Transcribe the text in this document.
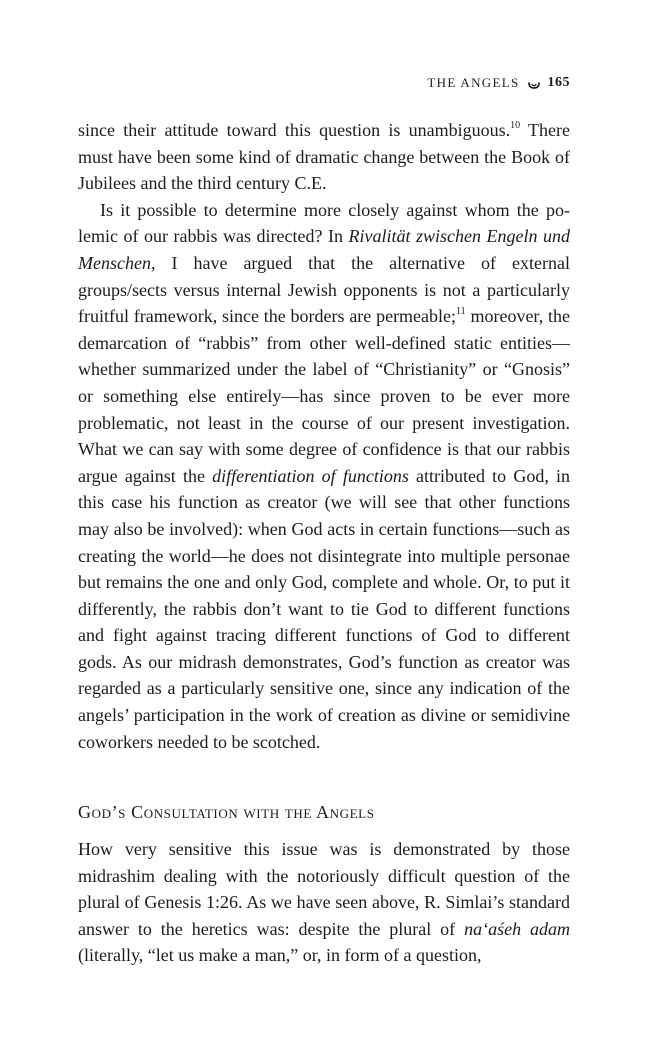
THE ANGELS 165

since their attitude toward this question is unambiguous.$^{10}$ There must have been some kind of dramatic change between the Book of Jubilees and the third century C.E.

Is it possible to determine more closely against whom the polemic of our rabbis was directed? In Rivalität zwischen Engeln und Menschen, I have argued that the alternative of external groups/sects versus internal Jewish opponents is not a particularly fruitful framework, since the borders are permeable;$^{11}$ moreover, the demarcation of “rabbis” from other well-defined static entities—whether summarized under the label of “Christianity” or “Gnosis” or something else entirely—has since proven to be ever more problematic, not least in the course of our present investigation. What we can say with some degree of confidence is that our rabbis argue against the differentiation of functions attributed to God, in this case his function as creator (we will see that other functions may also be involved): when God acts in certain functions—such as creating the world—he does not disintegrate into multiple personae but remains the one and only God, complete and whole. Or, to put it differently, the rabbis don’t want to tie God to different functions and fight against tracing different functions of God to different gods. As our midrash demonstrates, God’s function as creator was regarded as a particularly sensitive one, since any indication of the angels’ participation in the work of creation as divine or semidivine coworkers needed to be scotched.

God’s Consultation with the Angels

How very sensitive this issue was is demonstrated by those midrashim dealing with the notoriously difficult question of the plural of Genesis 1:26. As we have seen above, R. Simlai’s standard answer to the heretics was: despite the plural of na‘aśeh adam (literally, “let us make a man,” or, in form of a question,
